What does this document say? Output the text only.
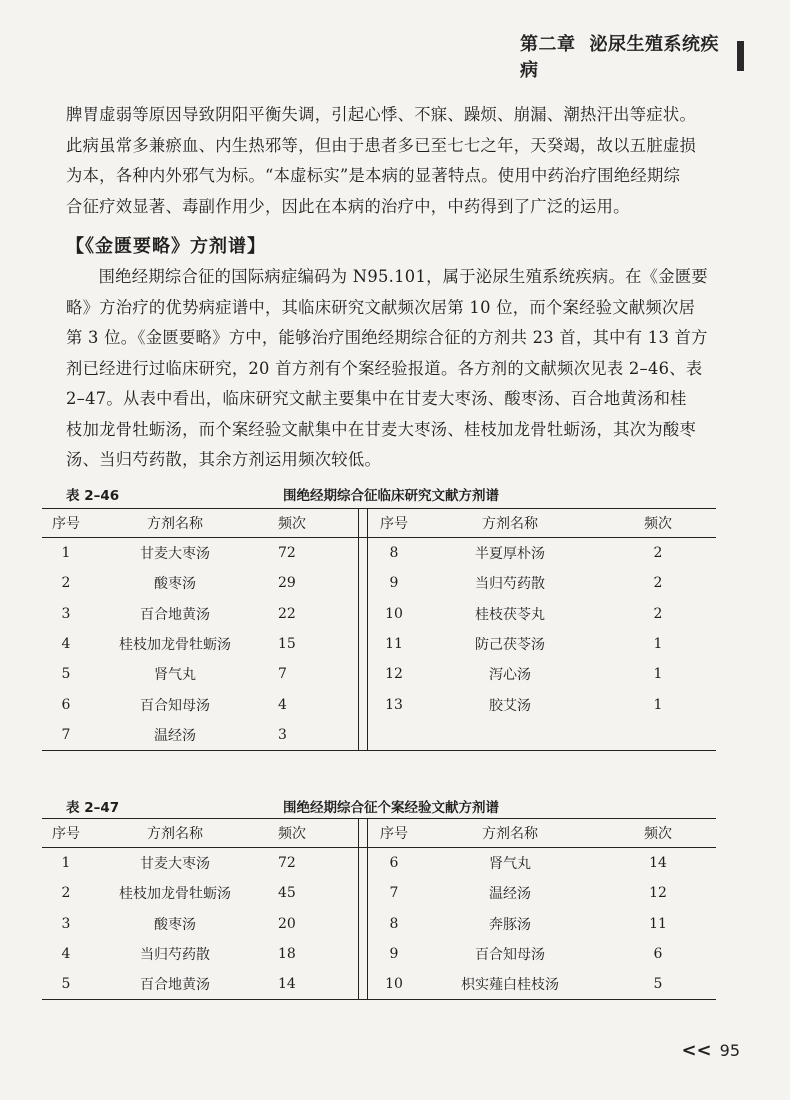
第二章 泌尿生殖系统疾病

脾胃虚弱等原因导致阴阳平衡失调，引起心悸、不寐、躁烦、崩漏、潮热汗出等症状。

此病虽常多兼瘀血、内生热邪等，但由于患者多已至七七之年，天癸竭，故以五脏虚损

为本，各种内外邪气为标。“本虚标实”是本病的显著特点。使用中药治疗围绝经期综

合征疗效显著、毒副作用少，因此在本病的治疗中，中药得到了广泛的运用。

【《金匮要略》方剂谱】

围绝经期综合征的国际病症编码为 N95.101，属于泌尿生殖系统疾病。在《金匮要

略》方治疗的优势病症谱中，其临床研究文献频次居第 10 位，而个案经验文献频次居

第 3 位。《金匮要略》方中，能够治疗围绝经期综合征的方剂共 23 首，其中有 13 首方

剂已经进行过临床研究，20 首方剂有个案经验报道。各方剂的文献频次见表 2–46、表

2–47。从表中看出，临床研究文献主要集中在甘麦大枣汤、酸枣汤、百合地黄汤和桂

枝加龙骨牡蛎汤，而个案经验文献集中在甘麦大枣汤、桂枝加龙骨牡蛎汤，其次为酸枣

汤、当归芍药散，其余方剂运用频次较低。

表 2–46	围绝经期综合征临床研究文献方剂谱
序号	方剂名称	频次		序号	方剂名称	频次
1	甘麦大枣汤	72		8	半夏厚朴汤	2
2	酸枣汤	29		9	当归芍药散	2
3	百合地黄汤	22		10	桂枝茯苓丸	2
4	桂枝加龙骨牡蛎汤	15		11	防己茯苓汤	1
5	肾气丸	7		12	泻心汤	1
6	百合知母汤	4		13	胶艾汤	1
7	温经汤	3				
表 2–47	围绝经期综合征个案经验文献方剂谱
序号	方剂名称	频次		序号	方剂名称	频次
1	甘麦大枣汤	72		6	肾气丸	14
2	桂枝加龙骨牡蛎汤	45		7	温经汤	12
3	酸枣汤	20		8	奔豚汤	11
4	当归芍药散	18		9	百合知母汤	6
5	百合地黄汤	14		10	枳实薤白桂枝汤	5
<< 95
